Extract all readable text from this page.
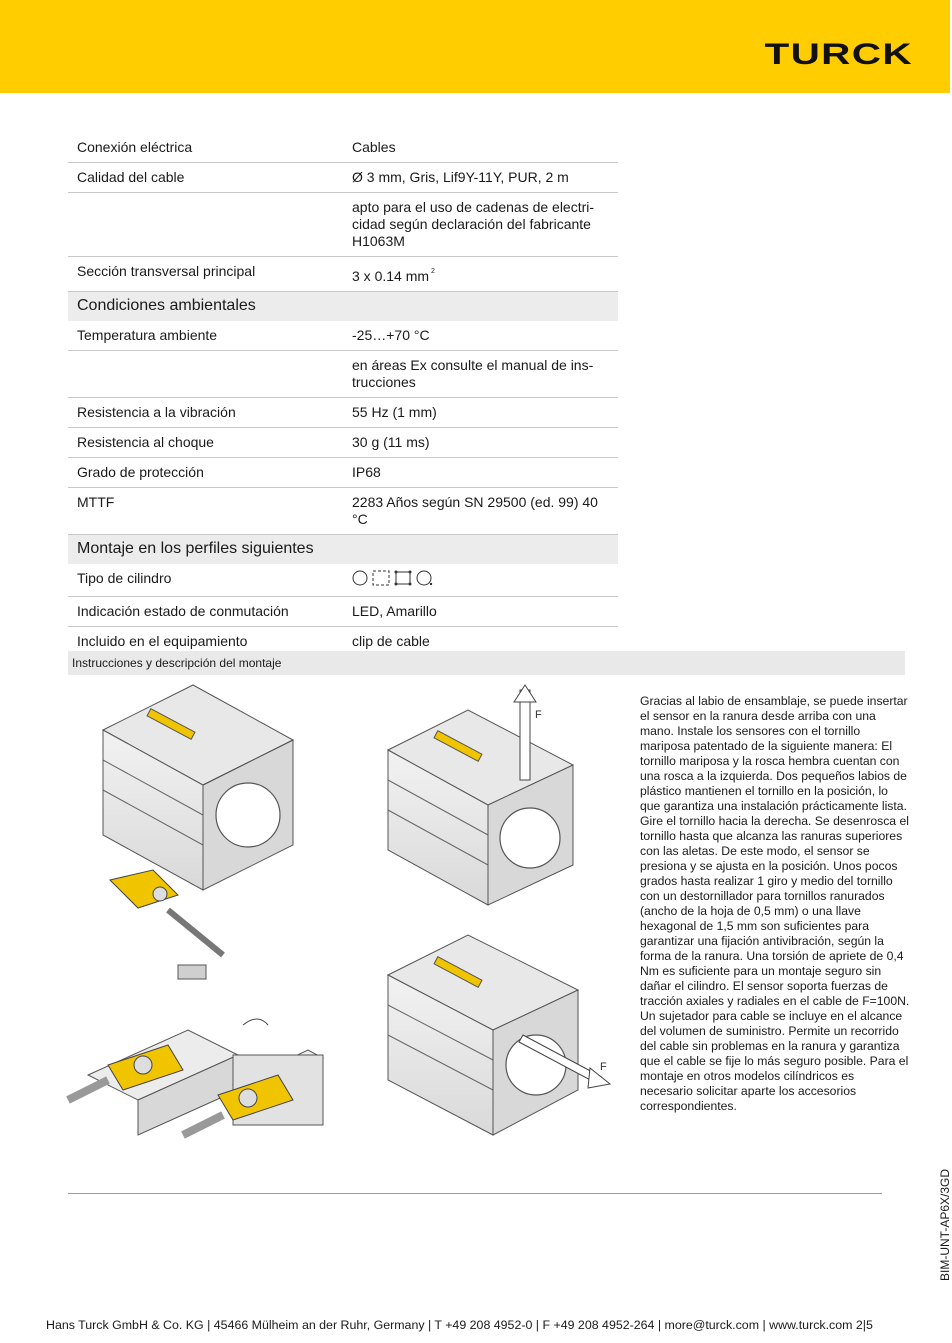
TURCK
Conexión eléctrica	Cables
Calidad del cable	Ø 3 mm, Gris, Lif9Y-11Y, PUR, 2 m
apto para el uso de cadenas de electri-
cidad según declaración del fabricante
H1063M
Sección transversal principal	3 x 0.14 mm $^2$
Condiciones ambientales
Temperatura ambiente	-25…+70 °C
en áreas Ex consulte el manual de ins-
trucciones
Resistencia a la vibración	55 Hz (1 mm)
Resistencia al choque	30 g (11 ms)
Grado de protección	IP68
MTTF	2283 Años según SN 29500 (ed. 99) 40
°C
Montaje en los perfiles siguientes
Tipo de cilindro
Indicación estado de conmutación	LED, Amarillo
Incluido en el equipamiento	clip de cable
Instrucciones y descripción del montaje
F
F
Gracias al labio de ensamblaje, se puede insertar el sensor en la ranura desde arriba con una mano. Instale los sensores con el tornillo mariposa patentado de la siguiente manera: El tornillo mariposa y la rosca hembra cuentan con una rosca a la izquierda. Dos pequeños labios de plástico mantienen el tornillo en la posición, lo que garantiza una instalación prácticamente lista. Gire el tornillo hacia la derecha. Se desenrosca el tornillo hasta que alcanza las ranuras superiores con las aletas. De este modo, el sensor se presiona y se ajusta en la posición. Unos pocos grados hasta realizar 1 giro y medio del tornillo con un destornillador para tornillos ranurados (ancho de la hoja de 0,5 mm) o una llave hexagonal de 1,5 mm son suficientes para garantizar una fijación antivibración, según la forma de la ranura. Una torsión de apriete de 0,4 Nm es suficiente para un montaje seguro sin dañar el cilindro. El sensor soporta fuerzas de tracción axiales y radiales en el cable de F=100N. Un sujetador para cable se incluye en el alcance del volumen de suministro. Permite un recorrido del cable sin problemas en la ranura y garantiza que el cable se fije lo más seguro posible. Para el montaje en otros modelos cilíndricos es necesario solicitar aparte los accesorios correspondientes.
BIM-UNT-AP6X/3GD
Hans Turck GmbH & Co. KG | 45466 Mülheim an der Ruhr, Germany | T +49 208 4952-0 | F +49 208 4952-264 | more@turck.com | www.turck.com 2|5
